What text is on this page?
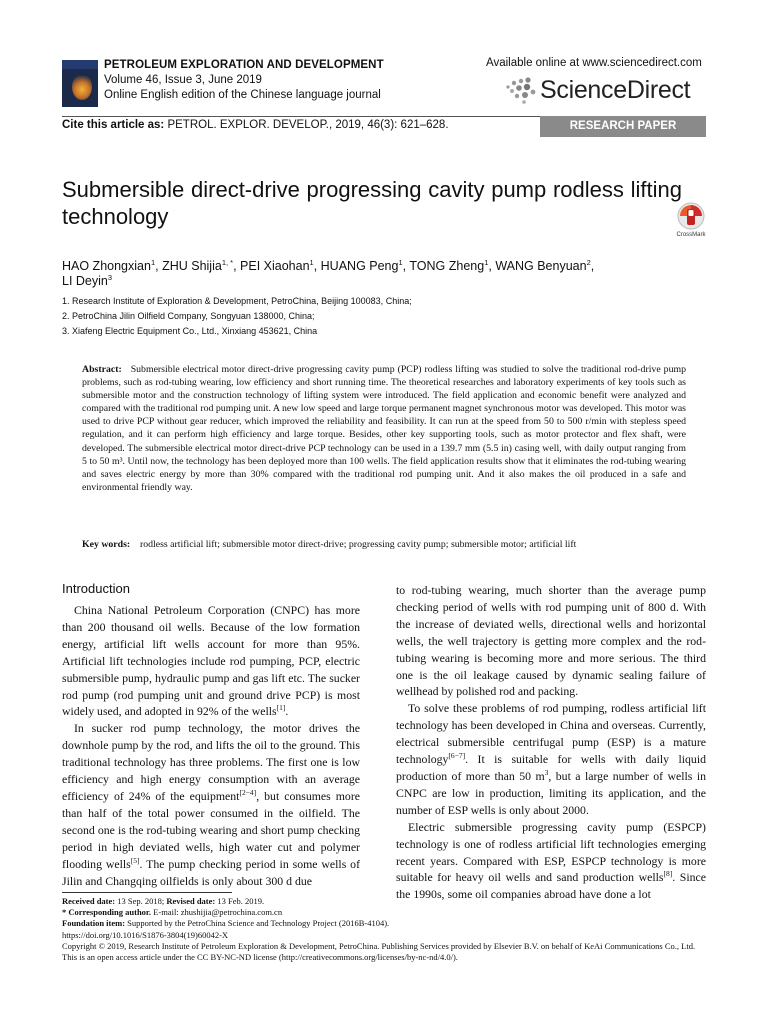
PETROLEUM EXPLORATION AND DEVELOPMENT
Volume 46, Issue 3, June 2019
Online English edition of the Chinese language journal
Available online at www.sciencedirect.com
ScienceDirect
Cite this article as: PETROL. EXPLOR. DEVELOP., 2019, 46(3): 621–628.	RESEARCH PAPER
Submersible direct-drive progressing cavity pump rodless lifting technology
CrossMark
HAO Zhongxian$^1$, ZHU Shijia$^{1, *}$, PEI Xiaohan$^1$, HUANG Peng$^1$, TONG Zheng$^1$, WANG Benyuan$^2$,
LI Deyin$^3$
1. Research Institute of Exploration & Development, PetroChina, Beijing 100083, China;
2. PetroChina Jilin Oilfield Company, Songyuan 138000, China;
3. Xiafeng Electric Equipment Co., Ltd., Xinxiang 453621, China
Abstract: Submersible electrical motor direct-drive progressing cavity pump (PCP) rodless lifting was studied to solve the traditional rod-drive pump problems, such as rod-tubing wearing, low efficiency and short running time. The theoretical researches and laboratory experiments of key tools such as submersible motor and the construction technology of lifting system were introduced. The field application and economic benefit were analyzed and compared with the traditional rod pumping unit. A new low speed and large torque permanent magnet synchronous motor was developed. This motor was used to drive PCP without gear reducer, which improved the reliability and feasibility. It can run at the speed from 50 to 500 r/min with stepless speed regulation, and it can perform high efficiency and large torque. Besides, other key supporting tools, such as motor protector and flex shaft, were developed. The submersible electrical motor direct-drive PCP technology can be used in a 139.7 mm (5.5 in) casing well, with daily output ranging from 5 to 50 m³. Until now, the technology has been deployed more than 100 wells. The field application results show that it eliminates the rod-tubing wearing and saves electric energy by more than 30% compared with the traditional rod pumping unit. And it also makes the oil produced in a safe and environmental friendly way.
Key words: rodless artificial lift; submersible motor direct-drive; progressing cavity pump; submersible motor; artificial lift
Introduction

China National Petroleum Corporation (CNPC) has more than 200 thousand oil wells. Because of the low formation energy, artificial lift wells account for more than 95%. Artificial lift technologies include rod pumping, PCP, electric submersible pump, hydraulic pump and gas lift etc. The sucker rod pump (rod pumping unit and ground drive PCP) is most widely used, and adopted in 92% of the wells[1].

In sucker rod pump technology, the motor drives the downhole pump by the rod, and lifts the oil to the ground. This traditional technology has three problems. The first one is low efficiency and high energy consumption with an average efficiency of 24% of the equipment[2−4], but consumes more than half of the total power consumed in the oilfield. The second one is the rod-tubing wearing and short pump checking period in high deviated wells, high water cut and polymer flooding wells[5]. The pump checking period in some wells of Jilin and Changqing oilfields is only about 300 d due

to rod-tubing wearing, much shorter than the average pump checking period of wells with rod pumping unit of 800 d. With the increase of deviated wells, directional wells and horizontal wells, the well trajectory is getting more complex and the rod-tubing wearing is becoming more and more serious. The third one is the oil leakage caused by dynamic sealing failure of wellhead by polished rod and packing.

To solve these problems of rod pumping, rodless artificial lift technology has been developed in China and overseas. Currently, electrical submersible centrifugal pump (ESP) is a mature technology[6−7]. It is suitable for wells with daily liquid production of more than 50 $m^3$, but a large number of wells in CNPC are low in production, limiting its application, and the number of ESP wells is only about 2000.

Electric submersible progressing cavity pump (ESPCP) technology is one of rodless artificial lift technologies emerging recent years. Compared with ESP, ESPCP technology is more suitable for heavy oil wells and sand production wells[8]. Since the 1990s, some oil companies abroad have done a lot

Received date: 13 Sep. 2018; Revised date: 13 Feb. 2019.

* Corresponding author. E-mail: zhushijia@petrochina.com.cn

Foundation item: Supported by the PetroChina Science and Technology Project (2016B-4104).

https://doi.org/10.1016/S1876-3804(19)60042-X

Copyright © 2019, Research Institute of Petroleum Exploration & Development, PetroChina. Publishing Services provided by Elsevier B.V. on behalf of KeAi Communications Co., Ltd. This is an open access article under the CC BY-NC-ND license (http://creativecommons.org/licenses/by-nc-nd/4.0/).
